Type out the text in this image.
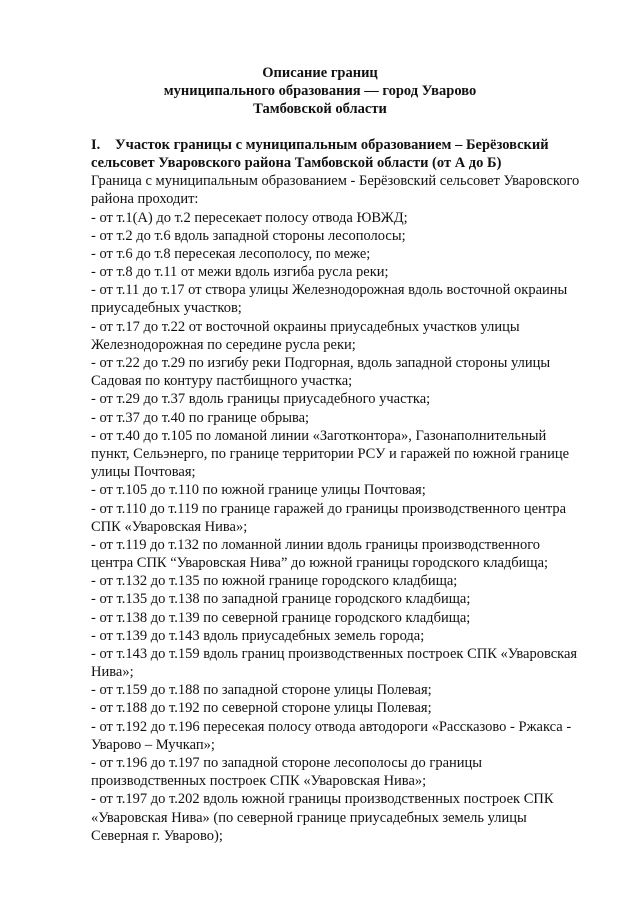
Описание границ
муниципального образования — город Уварово
Тамбовской области
I. Участок границы с муниципальным образованием – Берёзовский
сельсовет Уваровского района Тамбовской области (от А до Б)
Граница с муниципальным образованием - Берёзовский сельсовет Уваровского
района проходит:
- от т.1(А) до т.2 пересекает полосу отвода ЮВЖД;
- от т.2 до т.6 вдоль западной стороны лесополосы;
- от т.6 до т.8 пересекая лесополосу, по меже;
- от т.8 до т.11 от межи вдоль изгиба русла реки;
- от т.11 до т.17 от створа улицы Железнодорожная вдоль восточной окраины
приусадебных участков;
- от т.17 до т.22 от восточной окраины приусадебных участков улицы
Железнодорожная по середине русла реки;
- от т.22 до т.29 по изгибу реки Подгорная, вдоль западной стороны улицы
Садовая по контуру пастбищного участка;
- от т.29 до т.37 вдоль границы приусадебного участка;
- от т.37 до т.40 по границе обрыва;
- от т.40 до т.105 по ломаной линии «Заготконтора», Газонаполнительный
пункт, Сельэнерго, по границе территории РСУ и гаражей по южной границе
улицы Почтовая;
- от т.105 до т.110 по южной границе улицы Почтовая;
- от т.110 до т.119 по границе гаражей до границы производственного центра
СПК «Уваровская Нива»;
- от т.119 до т.132 по ломанной линии вдоль границы производственного
центра СПК “Уваровская Нива” до южной границы городского кладбища;
- от т.132 до т.135 по южной границе городского кладбища;
- от т.135 до т.138 по западной границе городского кладбища;
- от т.138 до т.139 по северной границе городского кладбища;
- от т.139 до т.143 вдоль приусадебных земель города;
- от т.143 до т.159 вдоль границ производственных построек СПК «Уваровская
Нива»;
- от т.159 до т.188 по западной стороне улицы Полевая;
- от т.188 до т.192 по северной стороне улицы Полевая;
- от т.192 до т.196 пересекая полосу отвода автодороги «Рассказово - Ржакса -
Уварово – Мучкап»;
- от т.196 до т.197 по западной стороне лесополосы до границы
производственных построек СПК «Уваровская Нива»;
- от т.197 до т.202 вдоль южной границы производственных построек СПК
«Уваровская Нива» (по северной границе приусадебных земель улицы
Северная г. Уварово);
